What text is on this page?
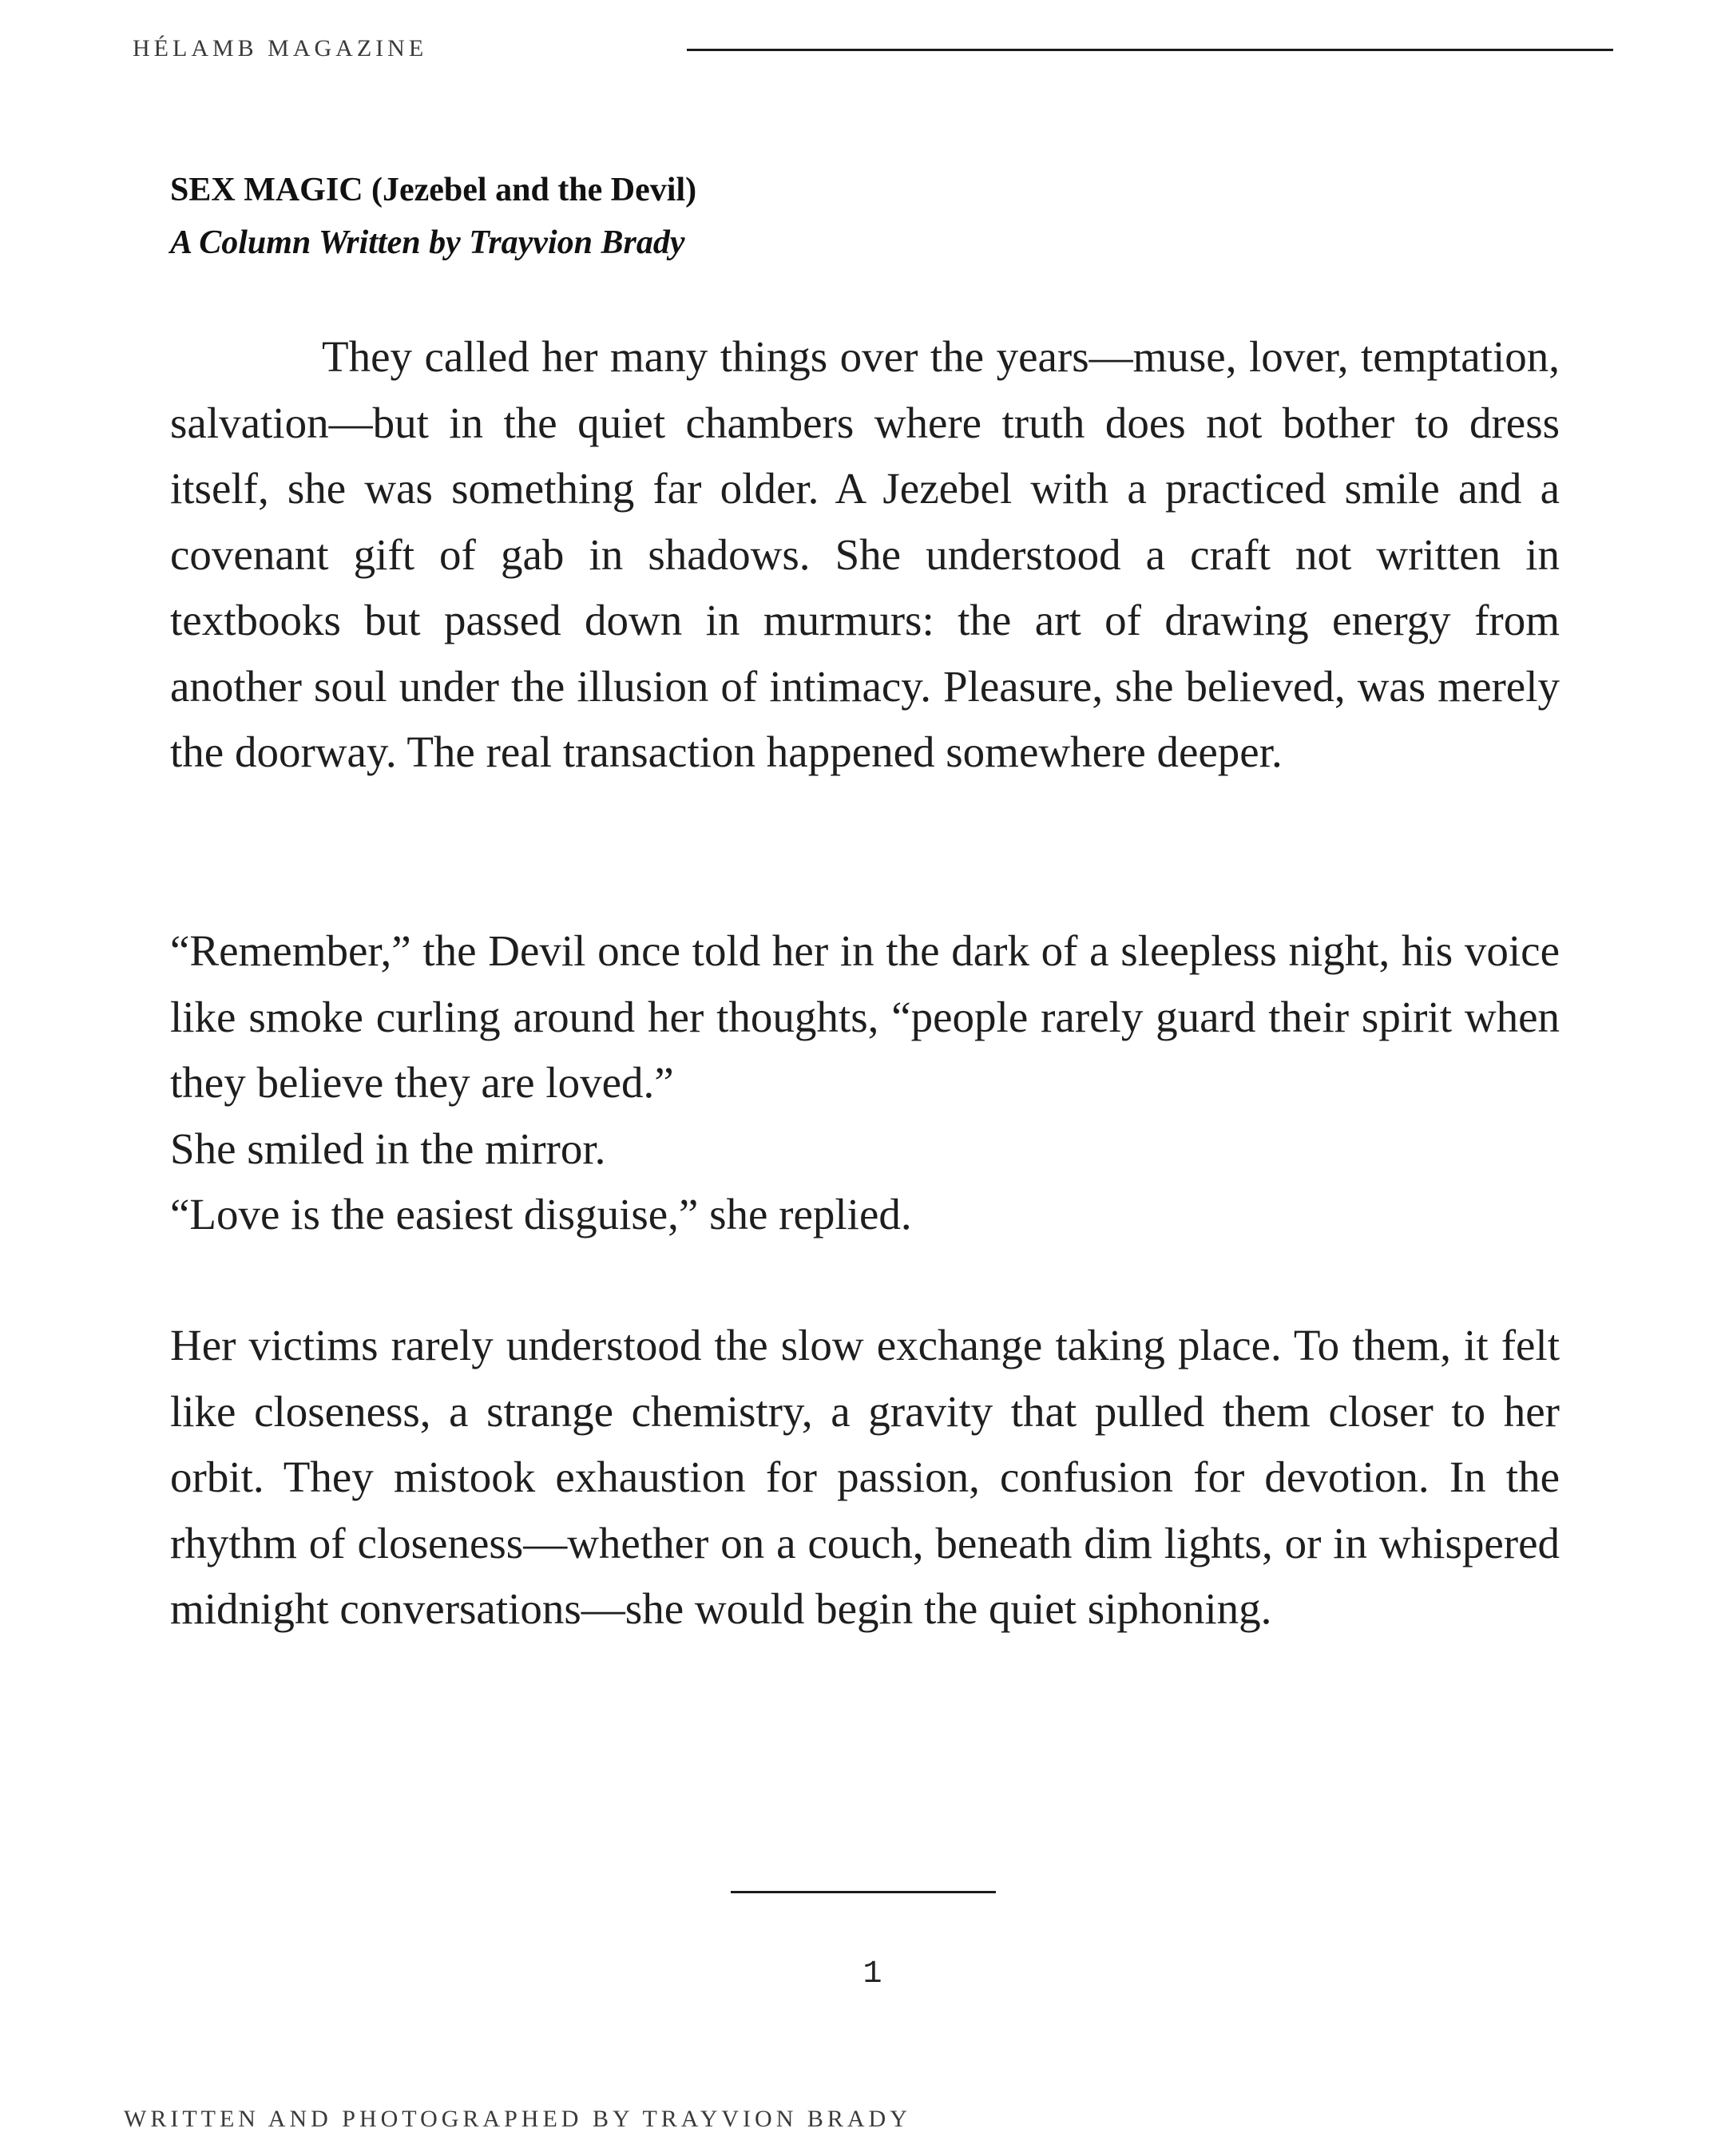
HÉLAMB MAGAZINE
SEX MAGIC (Jezebel and the Devil)
A Column Written by Trayvion Brady

They called her many things over the years—muse, lover, temptation, salvation—but in the quiet chambers where truth does not bother to dress itself, she was something far older. A Jezebel with a practiced smile and a covenant gift of gab in shadows. She understood a craft not written in textbooks but passed down in murmurs: the art of drawing energy from another soul under the illusion of intimacy. Pleasure, she believed, was merely the doorway. The real transaction happened somewhere deeper.

“Remember,” the Devil once told her in the dark of a sleepless night, his voice like smoke curling around her thoughts, “people rarely guard their spirit when they believe they are loved.”

She smiled in the mirror.

“Love is the easiest disguise,” she replied.

Her victims rarely understood the slow exchange taking place. To them, it felt like closeness, a strange chemistry, a gravity that pulled them closer to her orbit. They mistook exhaustion for passion, confusion for devotion. In the rhythm of closeness—whether on a couch, beneath dim lights, or in whispered midnight conversations—she would begin the quiet siphoning.

1
WRITTEN AND PHOTOGRAPHED BY TRAYVION BRADY
